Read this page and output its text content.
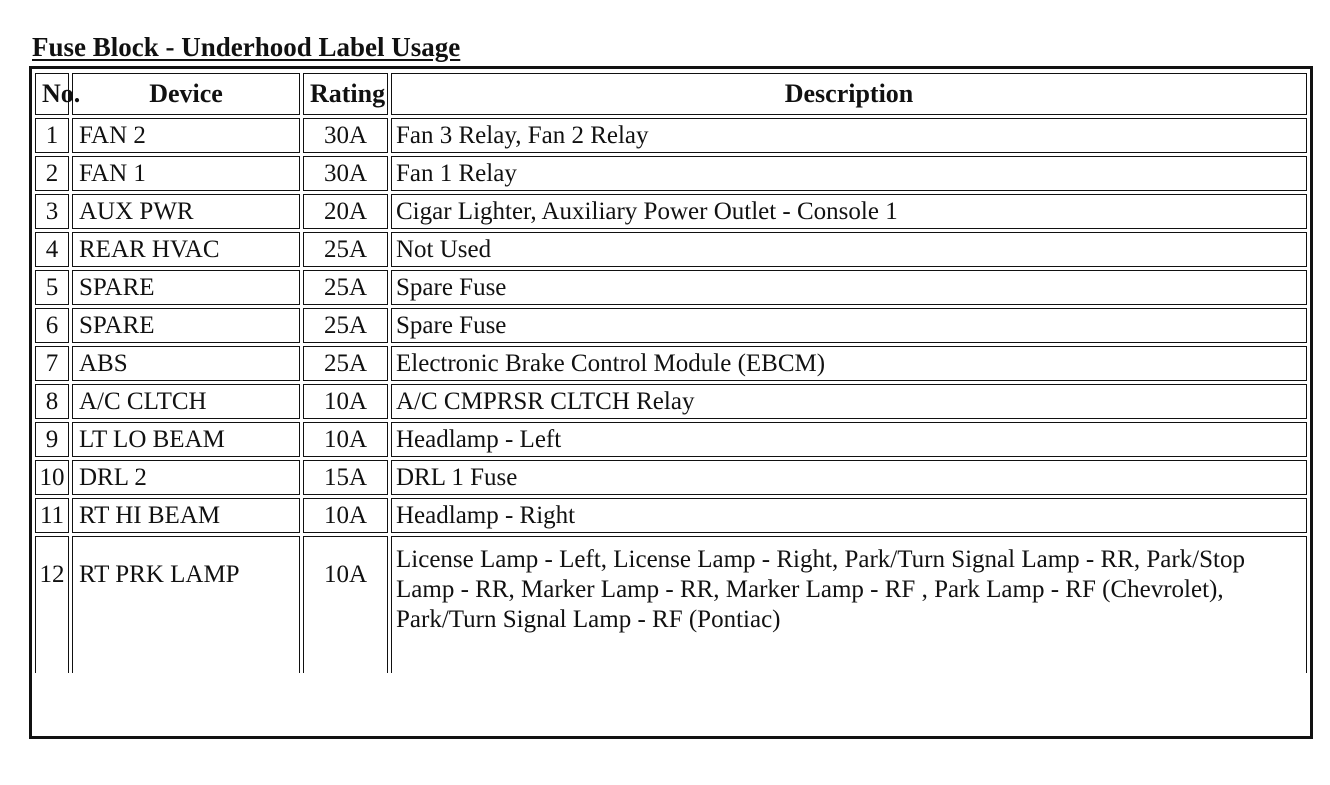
Fuse Block - Underhood Label Usage
No.	Device	Rating	Description
1	FAN 2	30A	Fan 3 Relay, Fan 2 Relay
2	FAN 1	30A	Fan 1 Relay
3	AUX PWR	20A	Cigar Lighter, Auxiliary Power Outlet - Console 1
4	REAR HVAC	25A	Not Used
5	SPARE	25A	Spare Fuse
6	SPARE	25A	Spare Fuse
7	ABS	25A	Electronic Brake Control Module (EBCM)
8	A/C CLTCH	10A	A/C CMPRSR CLTCH Relay
9	LT LO BEAM	10A	Headlamp - Left
10	DRL 2	15A	DRL 1 Fuse
11	RT HI BEAM	10A	Headlamp - Right
12	RT PRK LAMP	10A	License Lamp - Left, License Lamp - Right, Park/Turn Signal Lamp - RR, Park/Stop Lamp - RR, Marker Lamp - RR, Marker Lamp - RF , Park Lamp - RF (Chevrolet), Park/Turn Signal Lamp - RF (Pontiac)
